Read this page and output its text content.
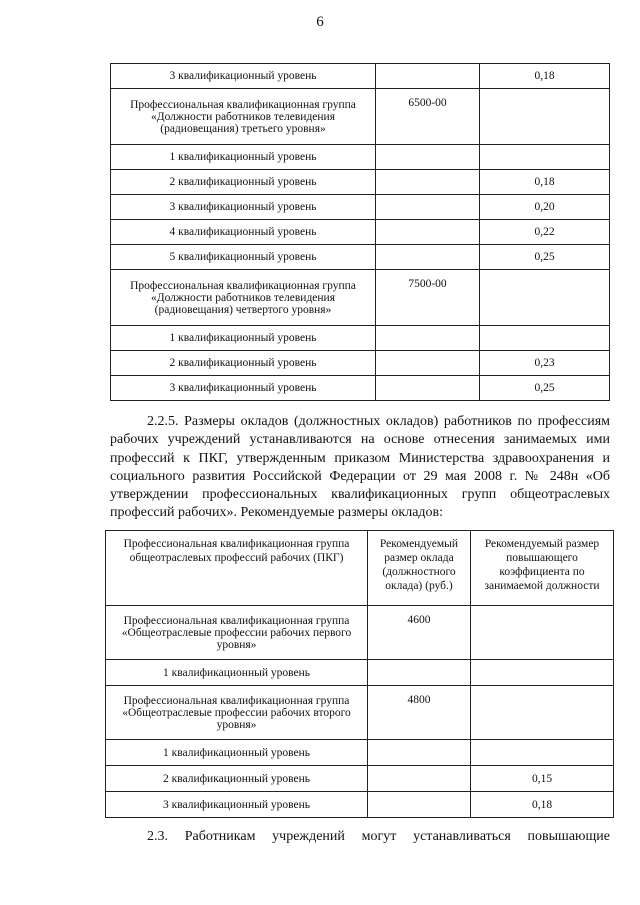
6
3 квалификационный уровень		0,18
Профессиональная квалификационная группа «Должности работников телевидения (радиовещания) третьего уровня»	6500-00	
1 квалификационный уровень		
2 квалификационный уровень		0,18
3 квалификационный уровень		0,20
4 квалификационный уровень		0,22
5 квалификационный уровень		0,25
Профессиональная квалификационная группа «Должности работников телевидения (радиовещания) четвертого уровня»	7500-00	
1 квалификационный уровень		
2 квалификационный уровень		0,23
3 квалификационный уровень		0,25

2.2.5. Размеры окладов (должностных окладов) работников по профессиям рабочих учреждений устанавливаются на основе отнесения занимаемых ими профессий к ПКГ, утвержденным приказом Министерства здравоохранения и социального развития Российской Федерации от 29 мая 2008 г. № 248н «Об утверждении профессиональных квалификационных групп общеотраслевых профессий рабочих». Рекомендуемые размеры окладов:

Профессиональная квалификационная группа общеотраслевых профессий рабочих (ПКГ)	Рекомендуемый размер оклада (должностного оклада) (руб.)	Рекомендуемый размер повышающего коэффициента по занимаемой должности
Профессиональная квалификационная группа «Общеотраслевые профессии рабочих первого уровня»	4600	
1 квалификационный уровень		
Профессиональная квалификационная группа «Общеотраслевые профессии рабочих второго уровня»	4800	
1 квалификационный уровень		
2 квалификационный уровень		0,15
3 квалификационный уровень		0,18

2.3. Работникам учреждений могут устанавливаться повышающие
